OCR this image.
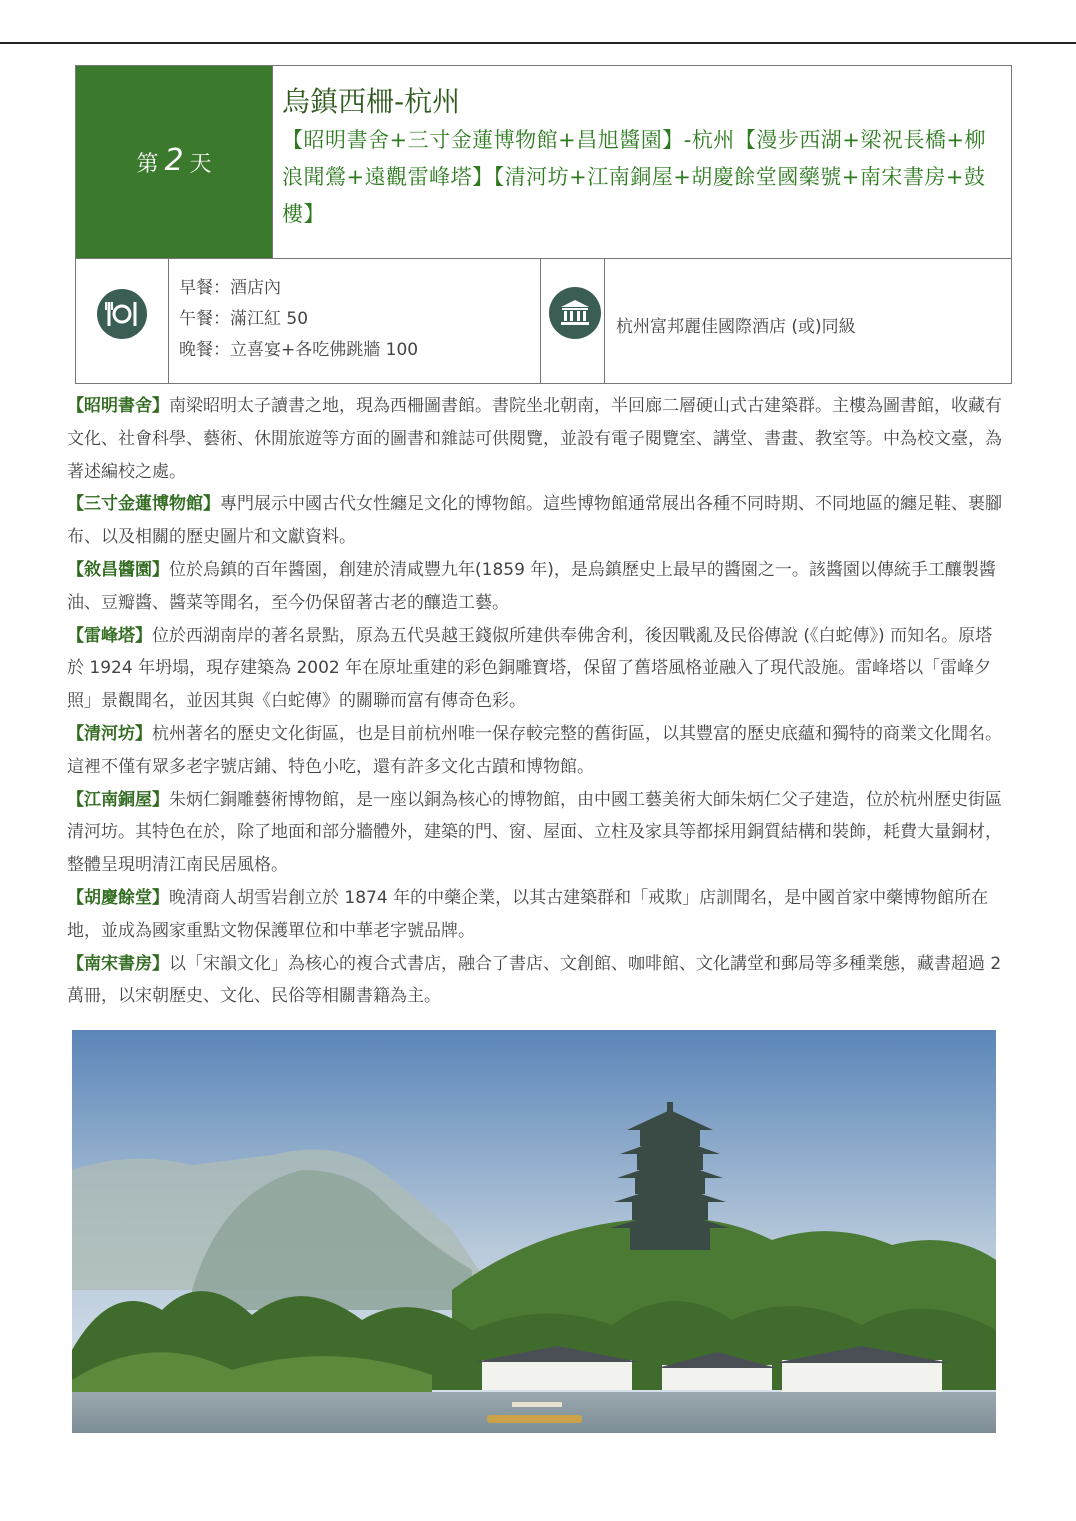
第 2 天
烏鎮西柵-杭州
【昭明書舍+三寸金蓮博物館+昌旭醬園】-杭州【漫步西湖+梁祝長橋+柳浪聞鶯+遠觀雷峰塔】【清河坊+江南銅屋+胡慶餘堂國藥號+南宋書房+鼓樓】
早餐：酒店內
午餐：滿江紅 50
晚餐：立喜宴+各吃佛跳牆 100
杭州富邦麗佳國際酒店 (或)同級

【昭明書舍】南梁昭明太子讀書之地，現為西柵圖書館。書院坐北朝南，半回廊二層硬山式古建築群。主樓為圖書館，收藏有文化、社會科學、藝術、休閒旅遊等方面的圖書和雜誌可供閱覽，並設有電子閱覽室、講堂、書畫、教室等。中為校文臺，為著述編校之處。

【三寸金蓮博物館】專門展示中國古代女性纏足文化的博物館。這些博物館通常展出各種不同時期、不同地區的纏足鞋、裹腳布、以及相關的歷史圖片和文獻資料。

【敘昌醬園】位於烏鎮的百年醬園，創建於清咸豐九年(1859 年)，是烏鎮歷史上最早的醬園之一。該醬園以傳統手工釀製醬油、豆瓣醬、醬菜等聞名，至今仍保留著古老的釀造工藝。

【雷峰塔】位於西湖南岸的著名景點，原為五代吳越王錢俶所建供奉佛舍利，後因戰亂及民俗傳說 (《白蛇傳》) 而知名。原塔於 1924 年坍塌，現存建築為 2002 年在原址重建的彩色銅雕寶塔，保留了舊塔風格並融入了現代設施。雷峰塔以「雷峰夕照」景觀聞名，並因其與《白蛇傳》的關聯而富有傳奇色彩。

【清河坊】杭州著名的歷史文化街區，也是目前杭州唯一保存較完整的舊街區，以其豐富的歷史底蘊和獨特的商業文化聞名。這裡不僅有眾多老字號店鋪、特色小吃，還有許多文化古蹟和博物館。

【江南銅屋】朱炳仁銅雕藝術博物館，是一座以銅為核心的博物館，由中國工藝美術大師朱炳仁父子建造，位於杭州歷史街區清河坊。其特色在於，除了地面和部分牆體外，建築的門、窗、屋面、立柱及家具等都採用銅質結構和裝飾，耗費大量銅材，整體呈現明清江南民居風格。

【胡慶餘堂】晚清商人胡雪岩創立於 1874 年的中藥企業，以其古建築群和「戒欺」店訓聞名，是中國首家中藥博物館所在地，並成為國家重點文物保護單位和中華老字號品牌。

【南宋書房】以「宋韻文化」為核心的複合式書店，融合了書店、文創館、咖啡館、文化講堂和郵局等多種業態，藏書超過 2 萬冊，以宋朝歷史、文化、民俗等相關書籍為主。
